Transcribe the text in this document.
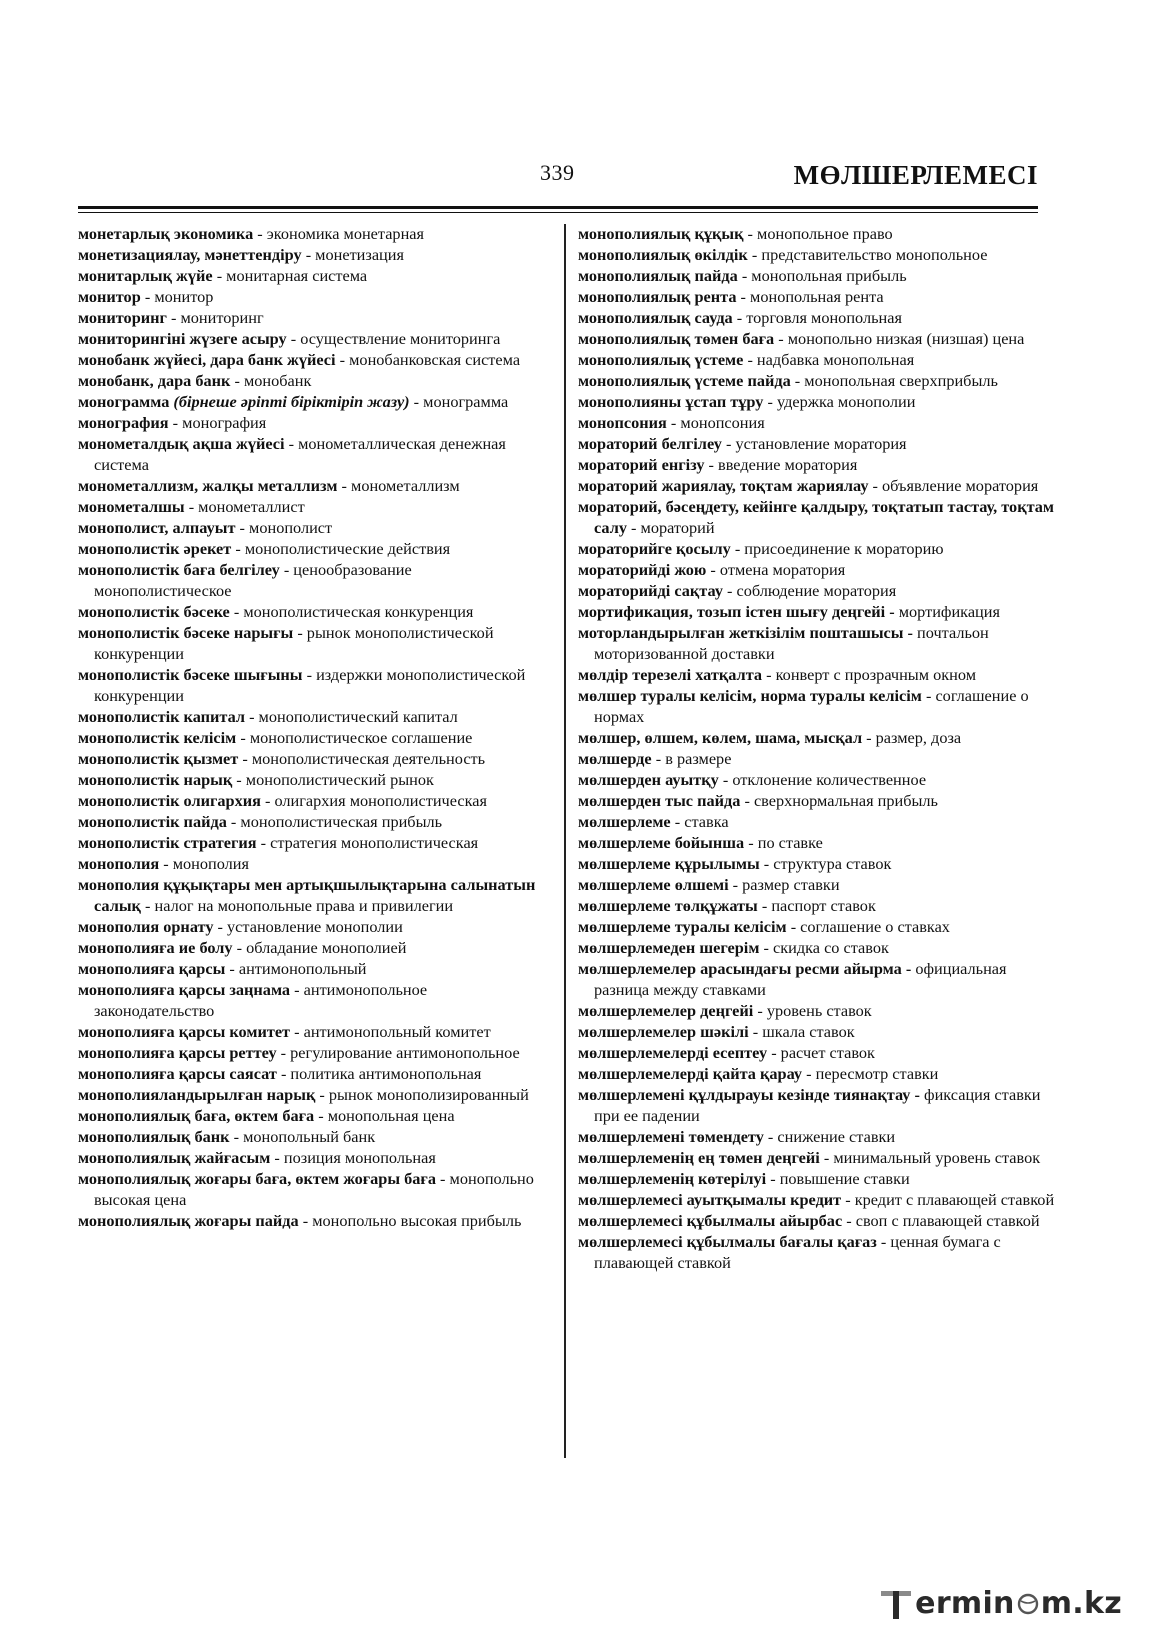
339	МӨЛШЕРЛЕМЕСІ

монетарлық экономика - экономика монетарная

монетизациялау, мәнеттендіру - монетизация

монитарлық жүйе - монитарная система

монитор - монитор

мониторинг - мониторинг

мониторингіні жүзеге асыру - осуществление мониторинга

монобанк жүйесі, дара банк жүйесі - монобанковская система

монобанк, дара банк - монобанк

монограмма (бірнеше әріпті біріктіріп жазу) - монограмма

монография - монография

монометалдық ақша жүйесі - монометаллическая денежная система

монометаллизм, жалқы металлизм - монометаллизм

монометалшы - монометаллист

монополист, алпауыт - монополист

монополистік әрекет - монополистические действия

монополистік баға белгілеу - ценообразование монополистическое

монополистік бәсеке - монополистическая конкуренция

монополистік бәсеке нарығы - рынок монополистической конкуренции

монополистік бәсеке шығыны - издержки монополистической конкуренции

монополистік капитал - монополистический капитал

монополистік келісім - монополистическое соглашение

монополистік қызмет - монополистическая деятельность

монополистік нарық - монополистический рынок

монополистік олигархия - олигархия монополистическая

монополистік пайда - монополистическая прибыль

монополистік стратегия - стратегия монополистическая

монополия - монополия

монополия құқықтары мен артықшылықтарына салынатын салық - налог на монопольные права и привилегии

монополия орнату - установление монополии

монополияға ие болу - обладание монополией

монополияға қарсы - антимонопольный

монополияға қарсы заңнама - антимонопольное законодательство

монополияға қарсы комитет - антимонопольный комитет

монополияға қарсы реттеу - регулирование антимонопольное

монополияға қарсы саясат - политика антимонопольная

монополияландырылған нарық - рынок монополизированный

монополиялық баға, өктем баға - монопольная цена

монополиялық банк - монопольный банк

монополиялық жайғасым - позиция монопольная

монополиялық жоғары баға, өктем жоғары баға - монопольно высокая цена

монополиялық жоғары пайда - монопольно высокая прибыль

монополиялық құқық - монопольное право

монополиялық өкілдік - представительство монопольное

монополиялық пайда - монопольная прибыль

монополиялық рента - монопольная рента

монополиялық сауда - торговля монопольная

монополиялық төмен баға - монопольно низкая (низшая) цена

монополиялық үстеме - надбавка монопольная

монополиялық үстеме пайда - монопольная сверхприбыль

монополияны ұстап тұру - удержка монополии

монопсония - монопсония

мораторий белгілеу - установление моратория

мораторий енгізу - введение моратория

мораторий жариялау, тоқтам жариялау - объявление моратория

мораторий, бәсеңдету, кейінге қалдыру, тоқтатып тастау, тоқтам салу - мораторий

мораторийге қосылу - присоединение к мораторию

мораторийді жою - отмена моратория

мораторийді сақтау - соблюдение моратория

мортификация, тозып істен шығу деңгейі - мортификация

моторландырылған жеткізілім пошташысы - почтальон моторизованной доставки

мөлдір терезелі хатқалта - конверт с прозрачным окном

мөлшер туралы келісім, норма туралы келісім - соглашение о нормах

мөлшер, өлшем, көлем, шама, мысқал - размер, доза

мөлшерде - в размере

мөлшерден ауытқу - отклонение количественное

мөлшерден тыс пайда - сверхнормальная прибыль

мөлшерлеме - ставка

мөлшерлеме бойынша - по ставке

мөлшерлеме құрылымы - структура ставок

мөлшерлеме өлшемі - размер ставки

мөлшерлеме төлқұжаты - паспорт ставок

мөлшерлеме туралы келісім - соглашение о ставках

мөлшерлемеден шегерім - скидка со ставок

мөлшерлемелер арасындағы ресми айырма - официальная разница между ставками

мөлшерлемелер деңгейі - уровень ставок

мөлшерлемелер шәкілі - шкала ставок

мөлшерлемелерді есептеу - расчет ставок

мөлшерлемелерді қайта қарау - пересмотр ставки

мөлшерлемені құлдырауы кезінде тиянақтау - фиксация ставки при ее падении

мөлшерлемені төмендету - снижение ставки

мөлшерлеменің ең төмен деңгейі - минимальный уровень ставок

мөлшерлеменің көтерілуі - повышение ставки

мөлшерлемесі ауытқымалы кредит - кредит с плавающей ставкой

мөлшерлемесі құбылмалы айырбас - своп с плавающей ставкой

мөлшерлемесі құбылмалы бағалы қағаз - ценная бумага с плавающей ставкой

ermin m.kz
